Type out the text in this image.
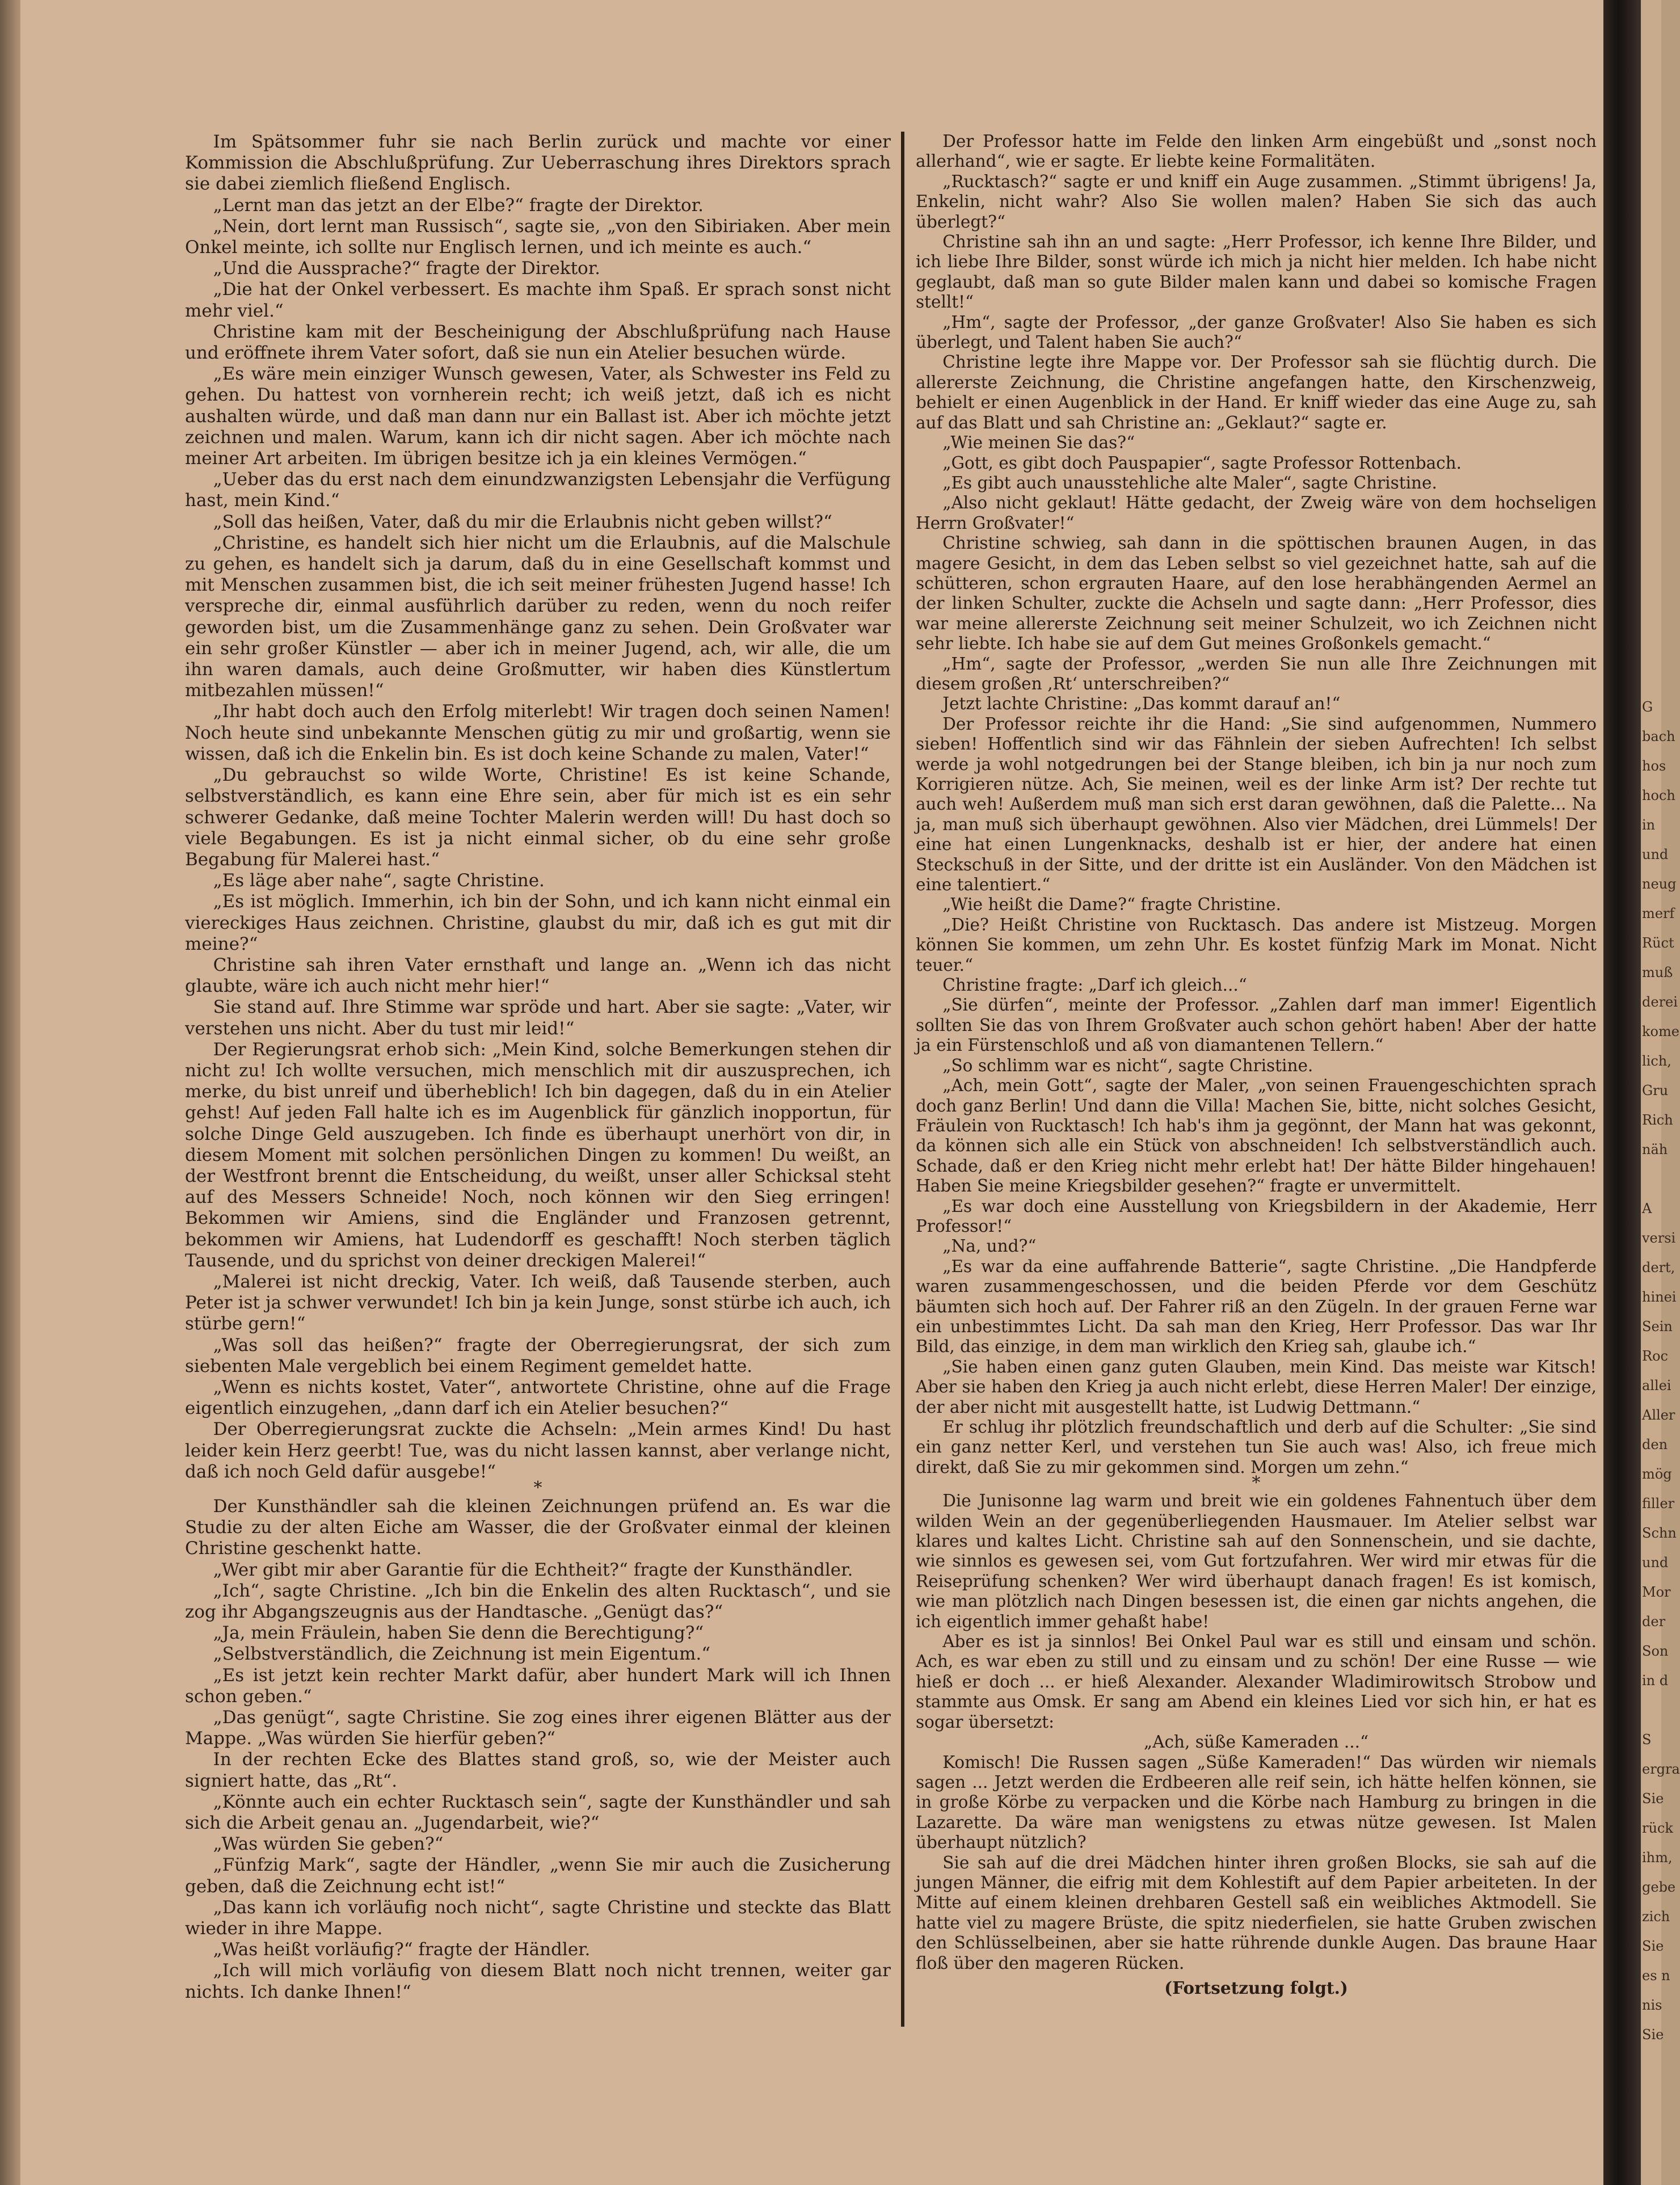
Im Spätsommer fuhr sie nach Berlin zurück und machte vor einer Kommission die Abschlußprüfung. Zur Ueberraschung ihres Direktors sprach sie dabei ziemlich fließend Englisch.

„Lernt man das jetzt an der Elbe?“ fragte der Direktor.

„Nein, dort lernt man Russisch“, sagte sie, „von den Sibiriaken. Aber mein Onkel meinte, ich sollte nur Englisch lernen, und ich meinte es auch.“

„Und die Aussprache?“ fragte der Direktor.

„Die hat der Onkel verbessert. Es machte ihm Spaß. Er sprach sonst nicht mehr viel.“

Christine kam mit der Bescheinigung der Abschlußprüfung nach Hause und eröffnete ihrem Vater sofort, daß sie nun ein Atelier besuchen würde.

„Es wäre mein einziger Wunsch gewesen, Vater, als Schwester ins Feld zu gehen. Du hattest von vornherein recht; ich weiß jetzt, daß ich es nicht aushalten würde, und daß man dann nur ein Ballast ist. Aber ich möchte jetzt zeichnen und malen. Warum, kann ich dir nicht sagen. Aber ich möchte nach meiner Art arbeiten. Im übrigen besitze ich ja ein kleines Vermögen.“

„Ueber das du erst nach dem einundzwanzigsten Lebensjahr die Verfügung hast, mein Kind.“

„Soll das heißen, Vater, daß du mir die Erlaubnis nicht geben willst?“

„Christine, es handelt sich hier nicht um die Erlaubnis, auf die Malschule zu gehen, es handelt sich ja darum, daß du in eine Gesellschaft kommst und mit Menschen zusammen bist, die ich seit meiner frühesten Jugend hasse! Ich verspreche dir, einmal ausführlich darüber zu reden, wenn du noch reifer geworden bist, um die Zusammenhänge ganz zu sehen. Dein Großvater war ein sehr großer Künstler — aber ich in meiner Jugend, ach, wir alle, die um ihn waren damals, auch deine Großmutter, wir haben dies Künstlertum mitbezahlen müssen!“

„Ihr habt doch auch den Erfolg miterlebt! Wir tragen doch seinen Namen! Noch heute sind unbekannte Menschen gütig zu mir und großartig, wenn sie wissen, daß ich die Enkelin bin. Es ist doch keine Schande zu malen, Vater!“

„Du gebrauchst so wilde Worte, Christine! Es ist keine Schande, selbstverständlich, es kann eine Ehre sein, aber für mich ist es ein sehr schwerer Gedanke, daß meine Tochter Malerin werden will! Du hast doch so viele Begabungen. Es ist ja nicht einmal sicher, ob du eine sehr große Begabung für Malerei hast.“

„Es läge aber nahe“, sagte Christine.

„Es ist möglich. Immerhin, ich bin der Sohn, und ich kann nicht einmal ein viereckiges Haus zeichnen. Christine, glaubst du mir, daß ich es gut mit dir meine?“

Christine sah ihren Vater ernsthaft und lange an. „Wenn ich das nicht glaubte, wäre ich auch nicht mehr hier!“

Sie stand auf. Ihre Stimme war spröde und hart. Aber sie sagte: „Vater, wir verstehen uns nicht. Aber du tust mir leid!“

Der Regierungsrat erhob sich: „Mein Kind, solche Bemerkungen stehen dir nicht zu! Ich wollte versuchen, mich menschlich mit dir auszusprechen, ich merke, du bist unreif und überheblich! Ich bin dagegen, daß du in ein Atelier gehst! Auf jeden Fall halte ich es im Augenblick für gänzlich inopportun, für solche Dinge Geld auszugeben. Ich finde es überhaupt unerhört von dir, in diesem Moment mit solchen persönlichen Dingen zu kommen! Du weißt, an der Westfront brennt die Entscheidung, du weißt, unser aller Schicksal steht auf des Messers Schneide! Noch, noch können wir den Sieg erringen! Bekommen wir Amiens, sind die Engländer und Franzosen getrennt, bekommen wir Amiens, hat Ludendorff es geschafft! Noch sterben täglich Tausende, und du sprichst von deiner dreckigen Malerei!“

„Malerei ist nicht dreckig, Vater. Ich weiß, daß Tausende sterben, auch Peter ist ja schwer verwundet! Ich bin ja kein Junge, sonst stürbe ich auch, ich stürbe gern!“

„Was soll das heißen?“ fragte der Oberregierungsrat, der sich zum siebenten Male vergeblich bei einem Regiment gemeldet hatte.

„Wenn es nichts kostet, Vater“, antwortete Christine, ohne auf die Frage eigentlich einzugehen, „dann darf ich ein Atelier besuchen?“

Der Oberregierungsrat zuckte die Achseln: „Mein armes Kind! Du hast leider kein Herz geerbt! Tue, was du nicht lassen kannst, aber verlange nicht, daß ich noch Geld dafür ausgebe!“

*

Der Kunsthändler sah die kleinen Zeichnungen prüfend an. Es war die Studie zu der alten Eiche am Wasser, die der Großvater einmal der kleinen Christine geschenkt hatte.

„Wer gibt mir aber Garantie für die Echtheit?“ fragte der Kunsthändler.

„Ich“, sagte Christine. „Ich bin die Enkelin des alten Rucktasch“, und sie zog ihr Abgangszeugnis aus der Handtasche. „Genügt das?“

„Ja, mein Fräulein, haben Sie denn die Berechtigung?“

„Selbstverständlich, die Zeichnung ist mein Eigentum.“

„Es ist jetzt kein rechter Markt dafür, aber hundert Mark will ich Ihnen schon geben.“

„Das genügt“, sagte Christine. Sie zog eines ihrer eigenen Blätter aus der Mappe. „Was würden Sie hierfür geben?“

In der rechten Ecke des Blattes stand groß, so, wie der Meister auch signiert hatte, das „Rt“.

„Könnte auch ein echter Rucktasch sein“, sagte der Kunsthändler und sah sich die Arbeit genau an. „Jugendarbeit, wie?“

„Was würden Sie geben?“

„Fünfzig Mark“, sagte der Händler, „wenn Sie mir auch die Zusicherung geben, daß die Zeichnung echt ist!“

„Das kann ich vorläufig noch nicht“, sagte Christine und steckte das Blatt wieder in ihre Mappe.

„Was heißt vorläufig?“ fragte der Händler.

„Ich will mich vorläufig von diesem Blatt noch nicht trennen, weiter gar nichts. Ich danke Ihnen!“

Der Professor hatte im Felde den linken Arm eingebüßt und „sonst noch allerhand“, wie er sagte. Er liebte keine Formalitäten.

„Rucktasch?“ sagte er und kniff ein Auge zusammen. „Stimmt übrigens! Ja, Enkelin, nicht wahr? Also Sie wollen malen? Haben Sie sich das auch überlegt?“

Christine sah ihn an und sagte: „Herr Professor, ich kenne Ihre Bilder, und ich liebe Ihre Bilder, sonst würde ich mich ja nicht hier melden. Ich habe nicht geglaubt, daß man so gute Bilder malen kann und dabei so komische Fragen stellt!“

„Hm“, sagte der Professor, „der ganze Großvater! Also Sie haben es sich überlegt, und Talent haben Sie auch?“

Christine legte ihre Mappe vor. Der Professor sah sie flüchtig durch. Die allererste Zeichnung, die Christine angefangen hatte, den Kirschenzweig, behielt er einen Augenblick in der Hand. Er kniff wieder das eine Auge zu, sah auf das Blatt und sah Christine an: „Geklaut?“ sagte er.

„Wie meinen Sie das?“

„Gott, es gibt doch Pauspapier“, sagte Professor Rottenbach.

„Es gibt auch unausstehliche alte Maler“, sagte Christine.

„Also nicht geklaut! Hätte gedacht, der Zweig wäre von dem hochseligen Herrn Großvater!“

Christine schwieg, sah dann in die spöttischen braunen Augen, in das magere Gesicht, in dem das Leben selbst so viel gezeichnet hatte, sah auf die schütteren, schon ergrauten Haare, auf den lose herabhängenden Aermel an der linken Schulter, zuckte die Achseln und sagte dann: „Herr Professor, dies war meine allererste Zeichnung seit meiner Schulzeit, wo ich Zeichnen nicht sehr liebte. Ich habe sie auf dem Gut meines Großonkels gemacht.“

„Hm“, sagte der Professor, „werden Sie nun alle Ihre Zeichnungen mit diesem großen ‚Rt‘ unterschreiben?“

Jetzt lachte Christine: „Das kommt darauf an!“

Der Professor reichte ihr die Hand: „Sie sind aufgenommen, Nummero sieben! Hoffentlich sind wir das Fähnlein der sieben Aufrechten! Ich selbst werde ja wohl notgedrungen bei der Stange bleiben, ich bin ja nur noch zum Korrigieren nütze. Ach, Sie meinen, weil es der linke Arm ist? Der rechte tut auch weh! Außerdem muß man sich erst daran gewöhnen, daß die Palette... Na ja, man muß sich überhaupt gewöhnen. Also vier Mädchen, drei Lümmels! Der eine hat einen Lungenknacks, deshalb ist er hier, der andere hat einen Steckschuß in der Sitte, und der dritte ist ein Ausländer. Von den Mädchen ist eine talentiert.“

„Wie heißt die Dame?“ fragte Christine.

„Die? Heißt Christine von Rucktasch. Das andere ist Mistzeug. Morgen können Sie kommen, um zehn Uhr. Es kostet fünfzig Mark im Monat. Nicht teuer.“

Christine fragte: „Darf ich gleich...“

„Sie dürfen“, meinte der Professor. „Zahlen darf man immer! Eigentlich sollten Sie das von Ihrem Großvater auch schon gehört haben! Aber der hatte ja ein Fürstenschloß und aß von diamantenen Tellern.“

„So schlimm war es nicht“, sagte Christine.

„Ach, mein Gott“, sagte der Maler, „von seinen Frauengeschichten sprach doch ganz Berlin! Und dann die Villa! Machen Sie, bitte, nicht solches Gesicht, Fräulein von Rucktasch! Ich hab's ihm ja gegönnt, der Mann hat was gekonnt, da können sich alle ein Stück von abschneiden! Ich selbstverständlich auch. Schade, daß er den Krieg nicht mehr erlebt hat! Der hätte Bilder hingehauen! Haben Sie meine Kriegsbilder gesehen?“ fragte er unvermittelt.

„Es war doch eine Ausstellung von Kriegsbildern in der Akademie, Herr Professor!“

„Na, und?“

„Es war da eine auffahrende Batterie“, sagte Christine. „Die Handpferde waren zusammengeschossen, und die beiden Pferde vor dem Geschütz bäumten sich hoch auf. Der Fahrer riß an den Zügeln. In der grauen Ferne war ein unbestimmtes Licht. Da sah man den Krieg, Herr Professor. Das war Ihr Bild, das einzige, in dem man wirklich den Krieg sah, glaube ich.“

„Sie haben einen ganz guten Glauben, mein Kind. Das meiste war Kitsch! Aber sie haben den Krieg ja auch nicht erlebt, diese Herren Maler! Der einzige, der aber nicht mit ausgestellt hatte, ist Ludwig Dettmann.“

Er schlug ihr plötzlich freundschaftlich und derb auf die Schulter: „Sie sind ein ganz netter Kerl, und verstehen tun Sie auch was! Also, ich freue mich direkt, daß Sie zu mir gekommen sind. Morgen um zehn.“

*

Die Junisonne lag warm und breit wie ein goldenes Fahnentuch über dem wilden Wein an der gegenüberliegenden Hausmauer. Im Atelier selbst war klares und kaltes Licht. Christine sah auf den Sonnenschein, und sie dachte, wie sinnlos es gewesen sei, vom Gut fortzufahren. Wer wird mir etwas für die Reiseprüfung schenken? Wer wird überhaupt danach fragen! Es ist komisch, wie man plötzlich nach Dingen besessen ist, die einen gar nichts angehen, die ich eigentlich immer gehaßt habe!

Aber es ist ja sinnlos! Bei Onkel Paul war es still und einsam und schön. Ach, es war eben zu still und zu einsam und zu schön! Der eine Russe — wie hieß er doch ... er hieß Alexander. Alexander Wladimirowitsch Strobow und stammte aus Omsk. Er sang am Abend ein kleines Lied vor sich hin, er hat es sogar übersetzt:

„Ach, süße Kameraden ...“

Komisch! Die Russen sagen „Süße Kameraden!“ Das würden wir niemals sagen ... Jetzt werden die Erdbeeren alle reif sein, ich hätte helfen können, sie in große Körbe zu verpacken und die Körbe nach Hamburg zu bringen in die Lazarette. Da wäre man wenigstens zu etwas nütze gewesen. Ist Malen überhaupt nützlich?

Sie sah auf die drei Mädchen hinter ihren großen Blocks, sie sah auf die jungen Männer, die eifrig mit dem Kohlestift auf dem Papier arbeiteten. In der Mitte auf einem kleinen drehbaren Gestell saß ein weibliches Aktmodell. Sie hatte viel zu magere Brüste, die spitz niederfielen, sie hatte Gruben zwischen den Schlüsselbeinen, aber sie hatte rührende dunkle Augen. Das braune Haar floß über den mageren Rücken.

(Fortsetzung folgt.)

G
bach
hos
hoch
in
und
neug
merf
Rüct
muß
derei
kome
lich,
Gru
Rich
näh

A
versi
dert,
hinei
Sein
Roc
allei
Aller
den
mög
filler
Schn
und
Mor
der
Son
in d

S
ergra
Sie
rück
ihm,
gebe
zich
Sie
es n
nis
Sie
